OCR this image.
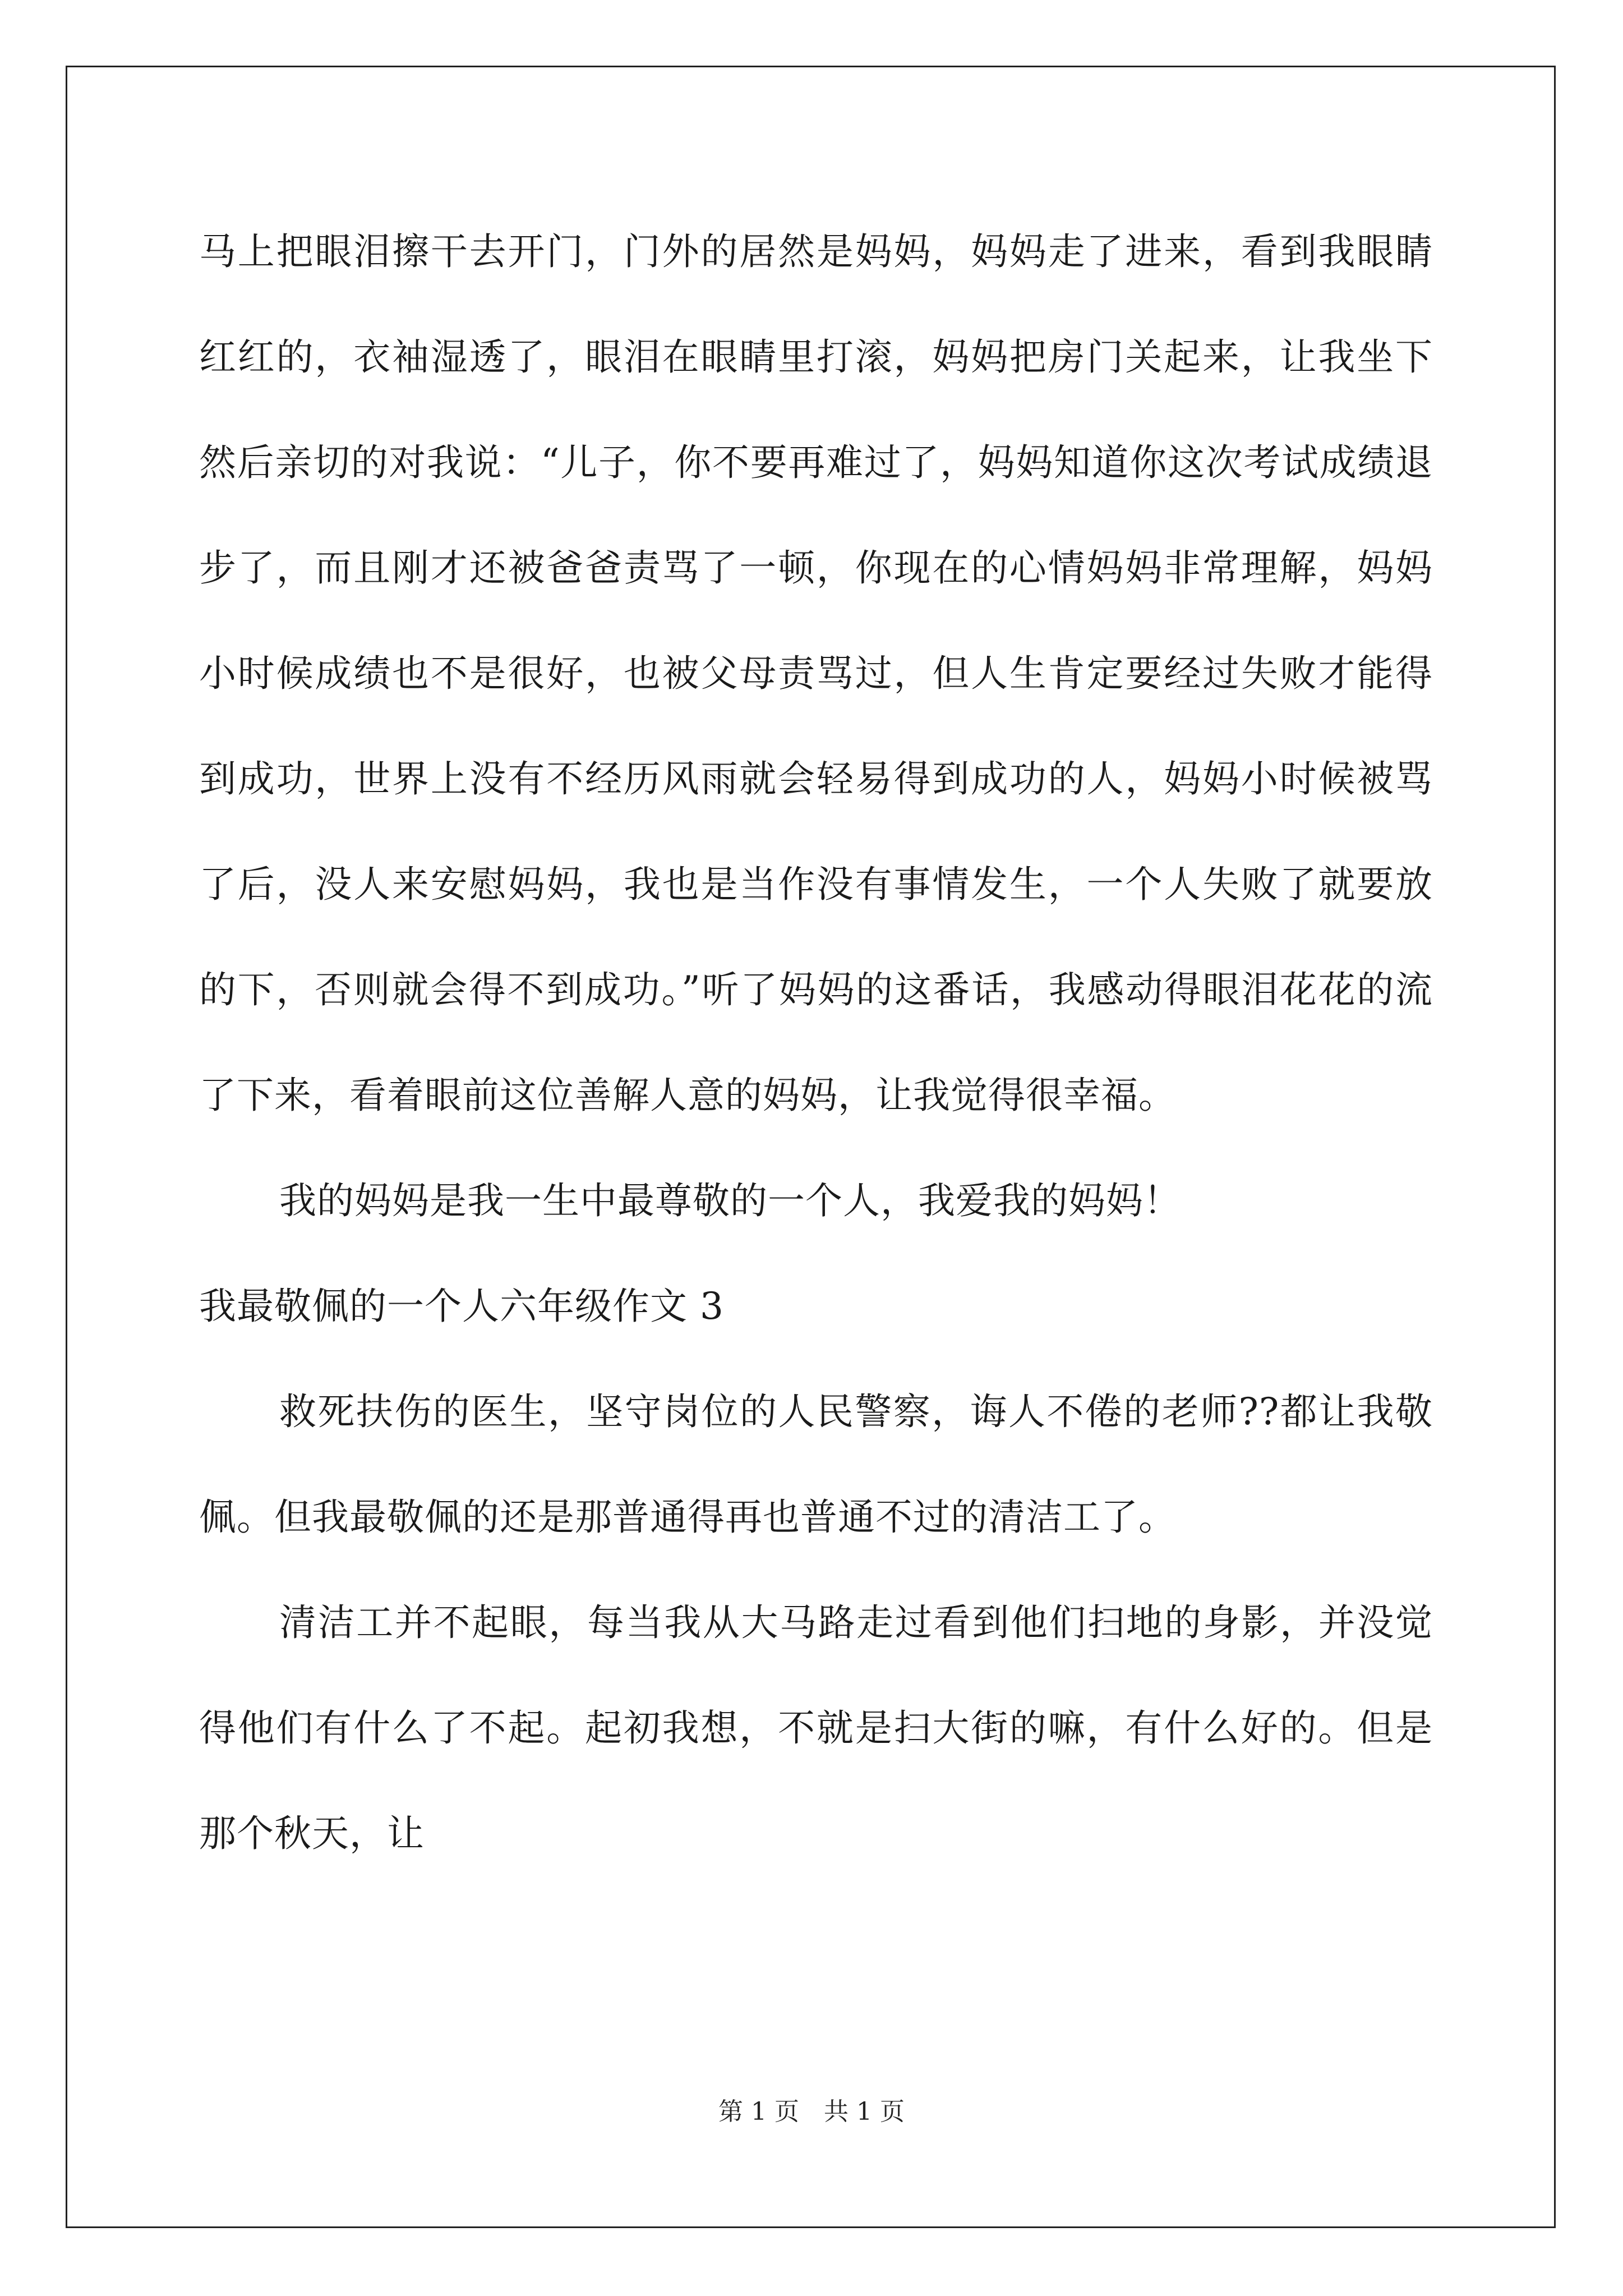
马上把眼泪擦干去开门，门外的居然是妈妈，妈妈走了进来，看到我眼睛红红的，衣袖湿透了，眼泪在眼睛里打滚，妈妈把房门关起来，让我坐下然后亲切的对我说：“儿子，你不要再难过了，妈妈知道你这次考试成绩退步了，而且刚才还被爸爸责骂了一顿，你现在的心情妈妈非常理解，妈妈小时候成绩也不是很好，也被父母责骂过，但人生肯定要经过失败才能得到成功，世界上没有不经历风雨就会轻易得到成功的人，妈妈小时候被骂了后，没人来安慰妈妈，我也是当作没有事情发生，一个人失败了就要放的下，否则就会得不到成功。”听了妈妈的这番话，我感动得眼泪花花的流了下来，看着眼前这位善解人意的妈妈，让我觉得很幸福。

我的妈妈是我一生中最尊敬的一个人，我爱我的妈妈！

我最敬佩的一个人六年级作文 3

救死扶伤的医生，坚守岗位的人民警察，诲人不倦的老师??都让我敬佩。但我最敬佩的还是那普通得再也普通不过的清洁工了。

清洁工并不起眼，每当我从大马路走过看到他们扫地的身影，并没觉得他们有什么了不起。起初我想，不就是扫大街的嘛，有什么好的。但是那个秋天，让

第 1 页 共 1 页
